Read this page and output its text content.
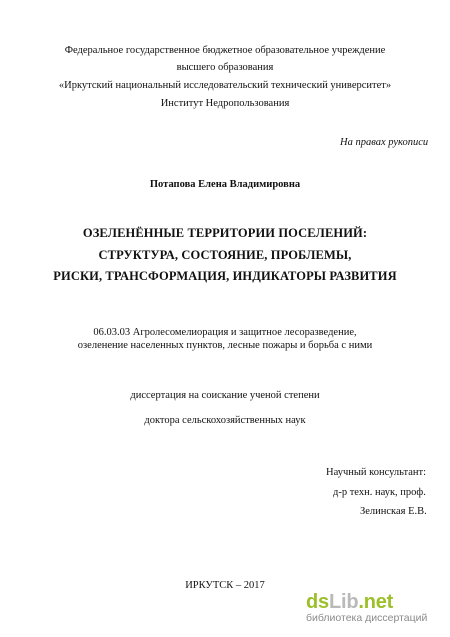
Федеральное государственное бюджетное образовательное учреждение
высшего образования
«Иркутский национальный исследовательский технический университет»
Институт Недропользования
На правах рукописи
Потапова Елена Владимировна
ОЗЕЛЕНЁННЫЕ ТЕРРИТОРИИ ПОСЕЛЕНИЙ:
СТРУКТУРА, СОСТОЯНИЕ, ПРОБЛЕМЫ,
РИСКИ, ТРАНСФОРМАЦИЯ, ИНДИКАТОРЫ РАЗВИТИЯ
06.03.03 Агролесомелиорация и защитное лесоразведение,
озеленение населенных пунктов, лесные пожары и борьба с ними
диссертация на соискание ученой степени
доктора сельскохозяйственных наук
Научный консультант:
д-р техн. наук, проф.
Зелинская Е.В.
ИРКУТСК – 2017
dsLib.net
библиотека диссертаций
